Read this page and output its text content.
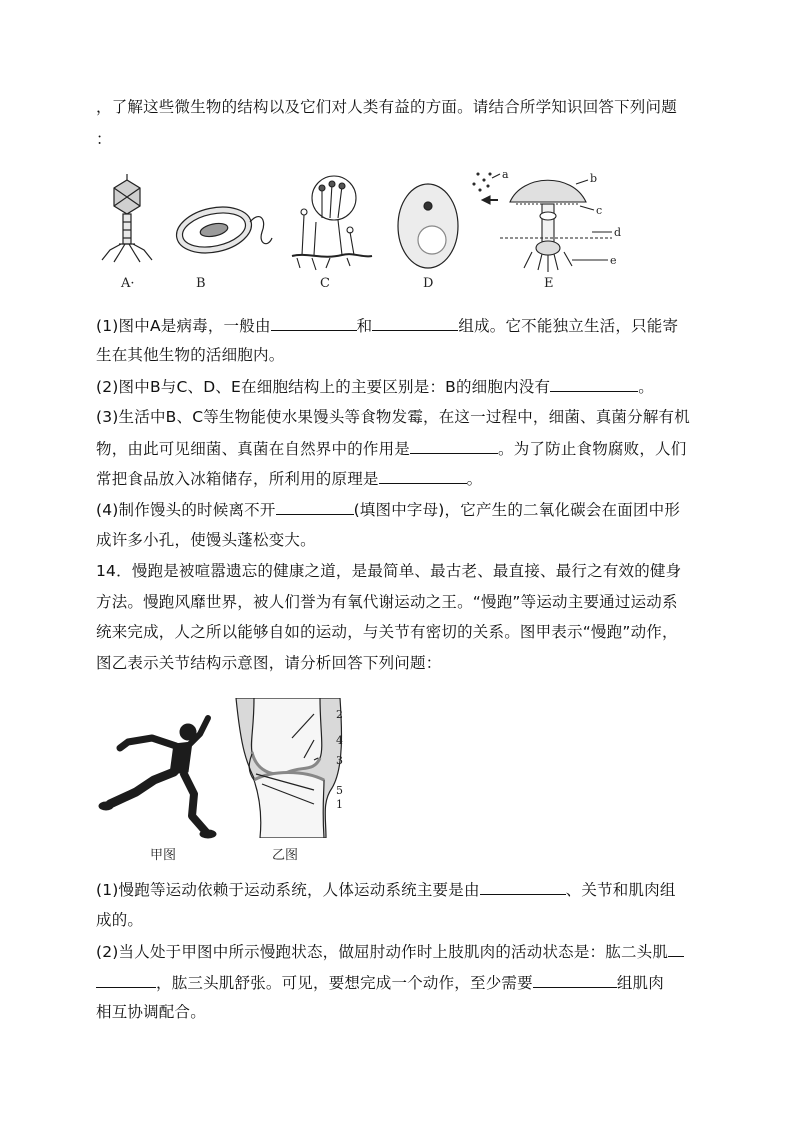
，了解这些微生物的结构以及它们对人类有益的方面。请结合所学知识回答下列问题
：
a	b
c
d
e
A·	B	C	D	E
(1)图中A是病毒，一般由	和	组成。它不能独立生活，只能寄
生在其他生物的活细胞内。
(2)图中B与C、D、E在细胞结构上的主要区别是：B的细胞内没有	。
(3)生活中B、C等生物能使水果馒头等食物发霉，在这一过程中，细菌、真菌分解有机
物，由此可见细菌、真菌在自然界中的作用是	。为了防止食物腐败，人们
常把食品放入冰箱储存，所利用的原理是	。
(4)制作馒头的时候离不开	(填图中字母)，它产生的二氧化碳会在面团中形
成许多小孔，使馒头蓬松变大。
14．慢跑是被喧嚣遗忘的健康之道，是最简单、最古老、最直接、最行之有效的健身
方法。慢跑风靡世界，被人们誉为有氧代谢运动之王。“慢跑”等运动主要通过运动系
统来完成，人之所以能够自如的运动，与关节有密切的关系。图甲表示“慢跑”动作，
图乙表示关节结构示意图，请分析回答下列问题：
2
4
3
5
1
甲图	乙图
(1)慢跑等运动依赖于运动系统，人体运动系统主要是由	、关节和肌肉组
成的。
(2)当人处于甲图中所示慢跑状态，做屈肘动作时上肢肌肉的活动状态是：肱二头肌
，肱三头肌舒张。可见，要想完成一个动作，至少需要	组肌肉
相互协调配合。
